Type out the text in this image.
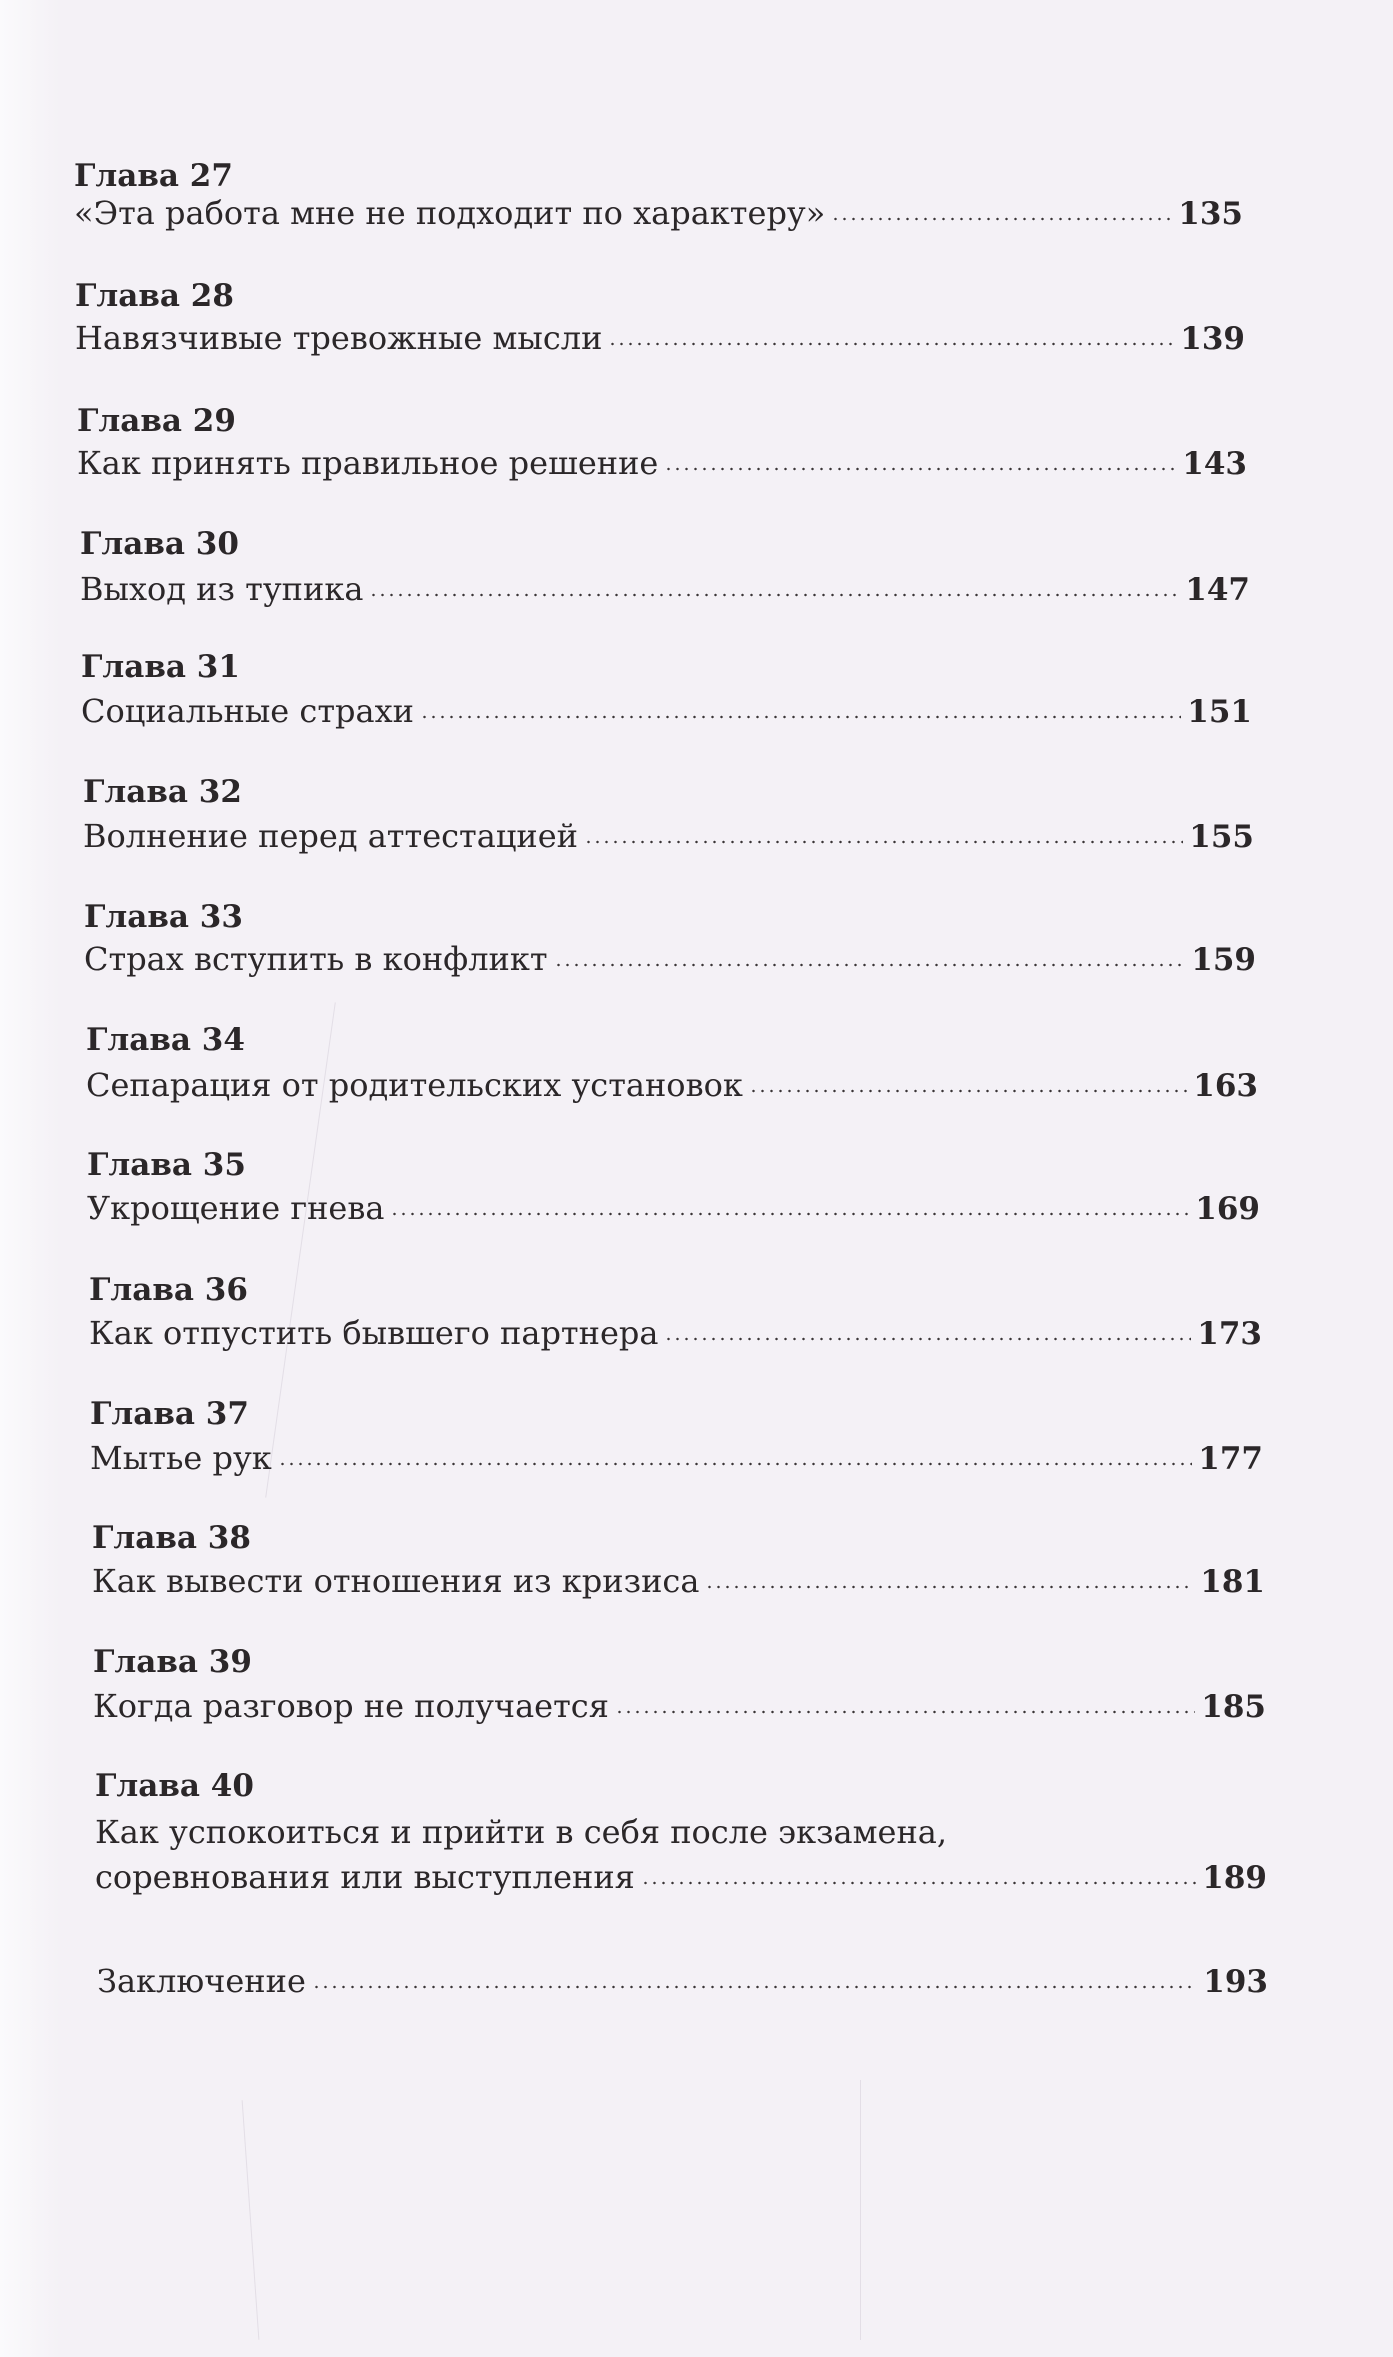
Глава 27
«Эта работа мне не подходит по характеру»	135
Глава 28
Навязчивые тревожные мысли	139
Глава 29
Как принять правильное решение	143
Глава 30
Выход из тупика	147
Глава 31
Социальные страхи	151
Глава 32
Волнение перед аттестацией	155
Глава 33
Страх вступить в конфликт	159
Глава 34
Сепарация от родительских установок	163
Глава 35
Укрощение гнева	169
Глава 36
Как отпустить бывшего партнера	173
Глава 37
Мытье рук	177
Глава 38
Как вывести отношения из кризиса	181
Глава 39
Когда разговор не получается	185
Глава 40
Как успокоиться и прийти в себя после экзамена,
соревнования или выступления	189
Заключение	193
